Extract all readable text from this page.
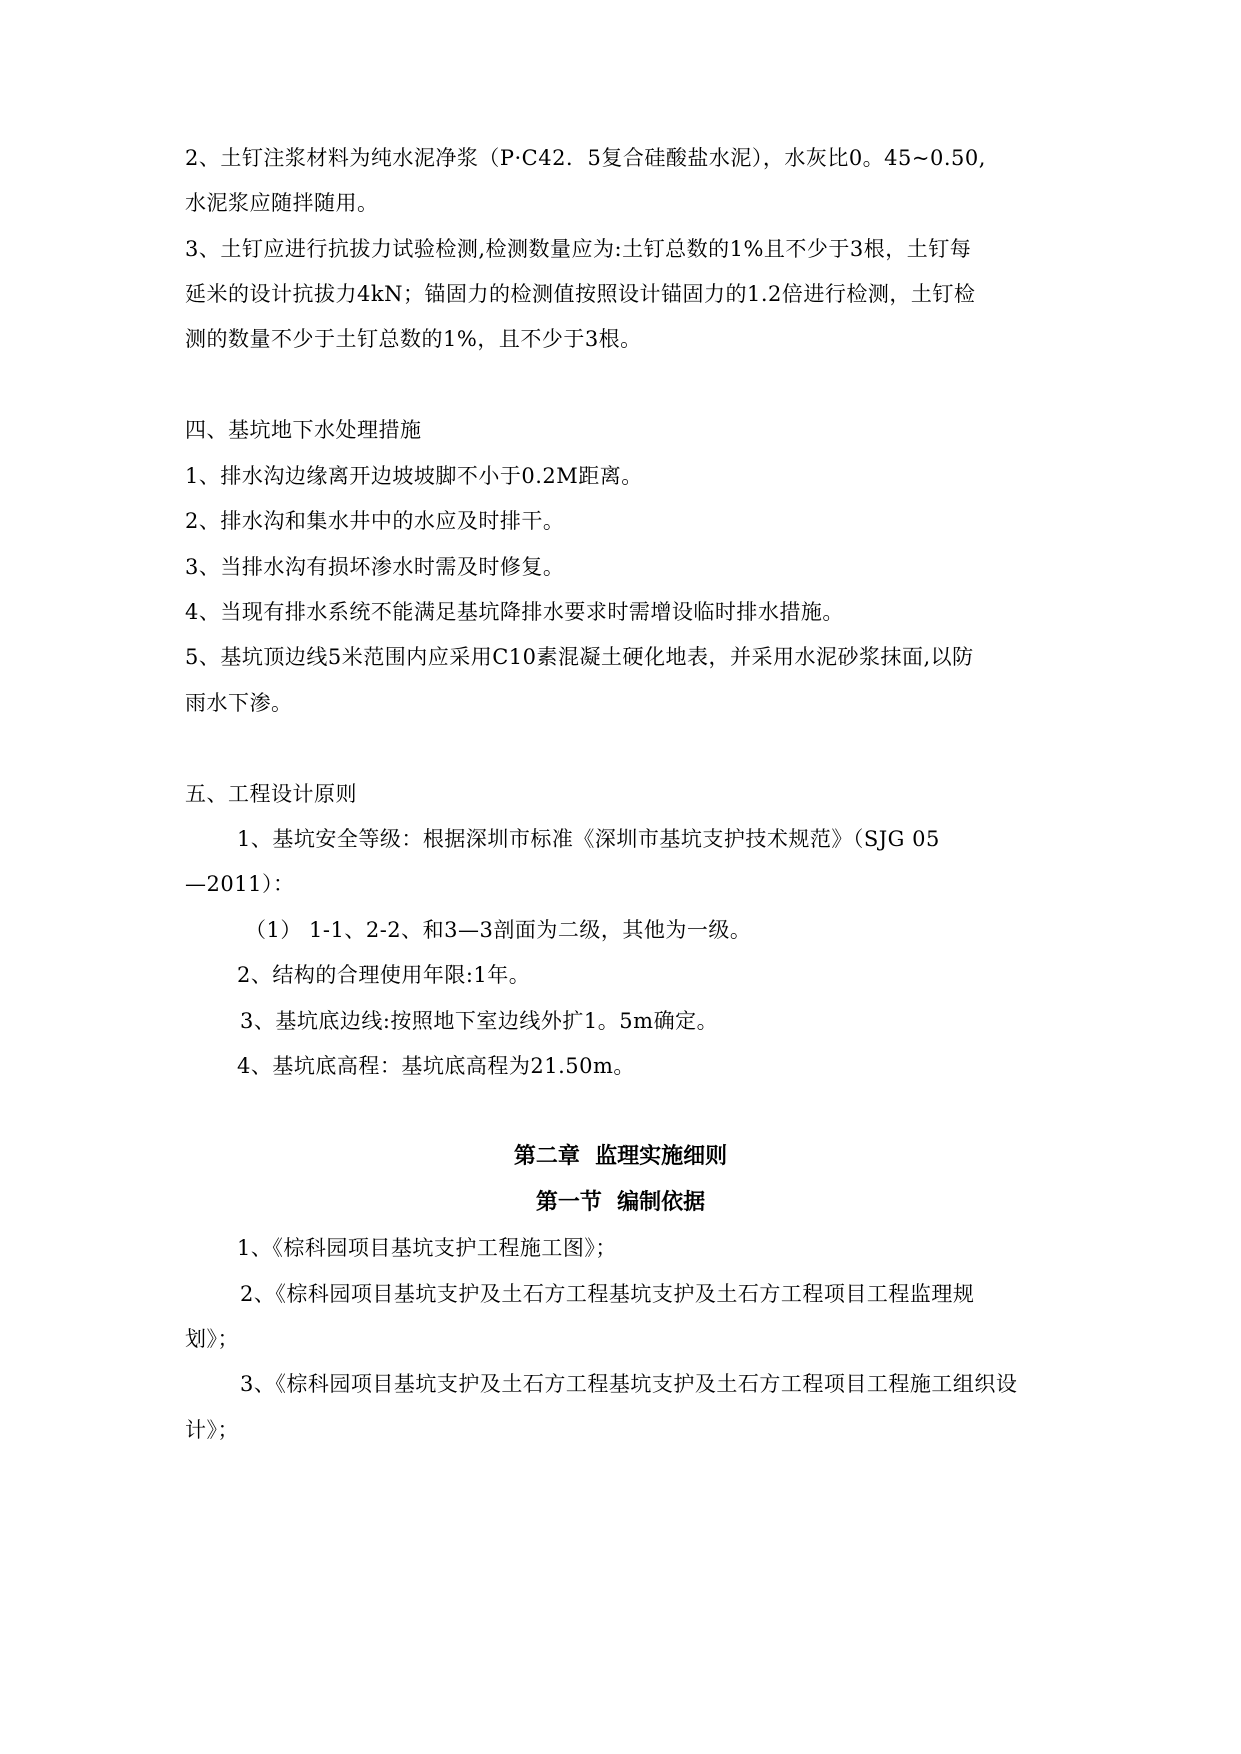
2、土钉注浆材料为纯水泥净浆（P·C42．5复合硅酸盐水泥），水灰比0。45~0.50,
水泥浆应随拌随用。
3、土钉应进行抗拔力试验检测,检测数量应为:土钉总数的1%且不少于3根，土钉每
延米的设计抗拔力4kN；锚固力的检测值按照设计锚固力的1.2倍进行检测，土钉检
测的数量不少于土钉总数的1%，且不少于3根。
四、基坑地下水处理措施
1、排水沟边缘离开边坡坡脚不小于0.2M距离。
2、排水沟和集水井中的水应及时排干。
3、当排水沟有损坏渗水时需及时修复。
4、当现有排水系统不能满足基坑降排水要求时需增设临时排水措施。
5、基坑顶边线5米范围内应采用C10素混凝土硬化地表，并采用水泥砂浆抹面,以防
雨水下渗。
五、工程设计原则
1、基坑安全等级：根据深圳市标准《深圳市基坑支护技术规范》（SJG 05
—2011）：
（1） 1-1、2-2、和3—3剖面为二级，其他为一级。
2、结构的合理使用年限:1年。
3、基坑底边线:按照地下室边线外扩1。5m确定。
4、基坑底高程：基坑底高程为21.50m。
第二章  监理实施细则
第一节  编制依据
1、《棕科园项目基坑支护工程施工图》；
2、《棕科园项目基坑支护及土石方工程基坑支护及土石方工程项目工程监理规
划》；
3、《棕科园项目基坑支护及土石方工程基坑支护及土石方工程项目工程施工组织设
计》；
